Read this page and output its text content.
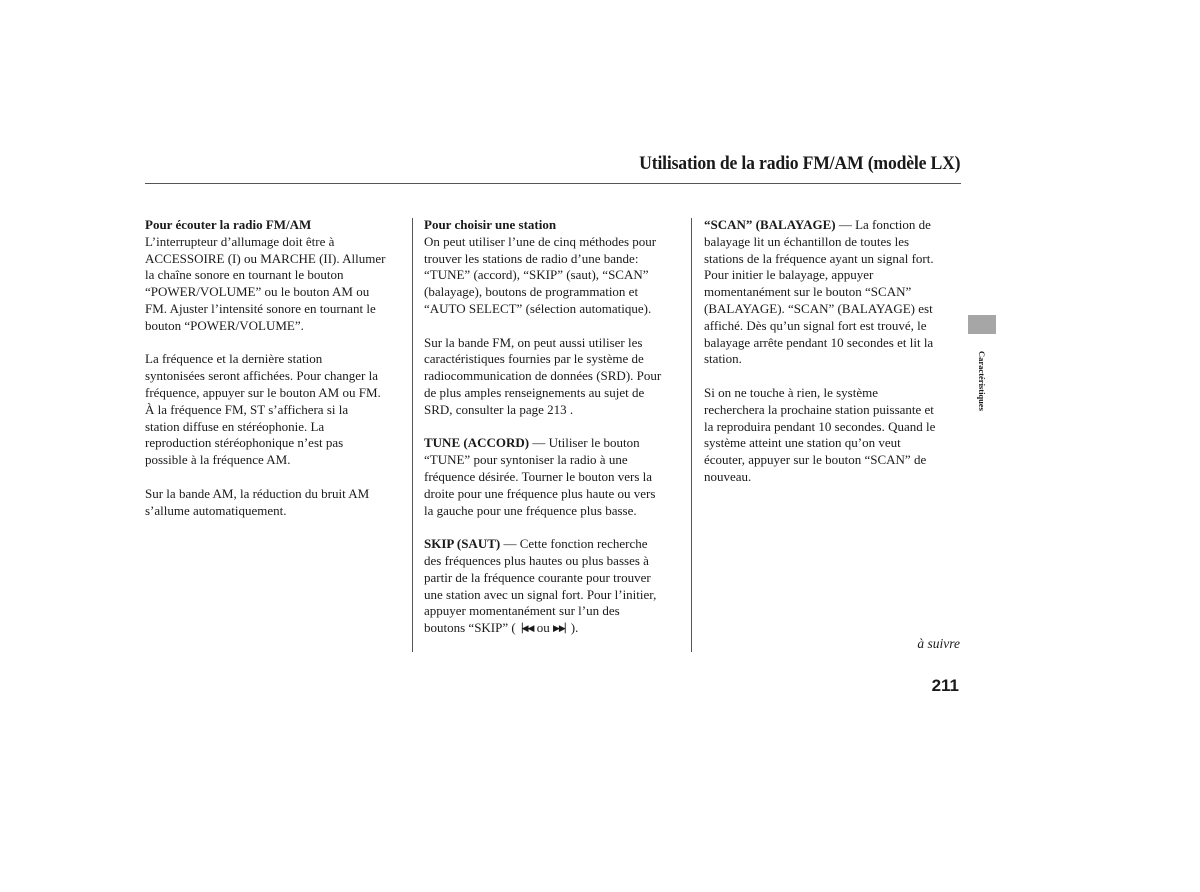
Utilisation de la radio FM/AM (modèle LX)

Pour écouter la radio FM/AM
L’interrupteur d’allumage doit être à
ACCESSOIRE (I) ou MARCHE (II). Allumer
la chaîne sonore en tournant le bouton
“POWER/VOLUME” ou le bouton AM ou
FM. Ajuster l’intensité sonore en tournant le
bouton “POWER/VOLUME”.

La fréquence et la dernière station
syntonisées seront affichées. Pour changer la
fréquence, appuyer sur le bouton AM ou FM.
À la fréquence FM, ST s’affichera si la
station diffuse en stéréophonie. La
reproduction stéréophonique n’est pas
possible à la fréquence AM.

Sur la bande AM, la réduction du bruit AM
s’allume automatiquement.

Pour choisir une station
On peut utiliser l’une de cinq méthodes pour
trouver les stations de radio d’une bande:
“TUNE” (accord), “SKIP” (saut), “SCAN”
(balayage), boutons de programmation et
“AUTO SELECT” (sélection automatique).

Sur la bande FM, on peut aussi utiliser les
caractéristiques fournies par le système de
radiocommunication de données (SRD). Pour
de plus amples renseignements au sujet de
SRD, consulter la page 213 .

TUNE (ACCORD) — Utiliser le bouton
“TUNE” pour syntoniser la radio à une
fréquence désirée. Tourner le bouton vers la
droite pour une fréquence plus haute ou vers
la gauche pour une fréquence plus basse.

SKIP (SAUT) — Cette fonction recherche
des fréquences plus hautes ou plus basses à
partir de la fréquence courante pour trouver
une station avec un signal fort. Pour l’initier,
appuyer momentanément sur l’un des
boutons “SKIP” (▕◀◀ ou ▶▶▏).

“SCAN” (BALAYAGE) — La fonction de
balayage lit un échantillon de toutes les
stations de la fréquence ayant un signal fort.
Pour initier le balayage, appuyer
momentanément sur le bouton “SCAN”
(BALAYAGE). “SCAN” (BALAYAGE) est
affiché. Dès qu’un signal fort est trouvé, le
balayage arrête pendant 10 secondes et lit la
station.

Si on ne touche à rien, le système
recherchera la prochaine station puissante et
la reproduira pendant 10 secondes. Quand le
système atteint une station qu’on veut
écouter, appuyer sur le bouton “SCAN” de
nouveau.

Caractéristiques
à suivre
211
